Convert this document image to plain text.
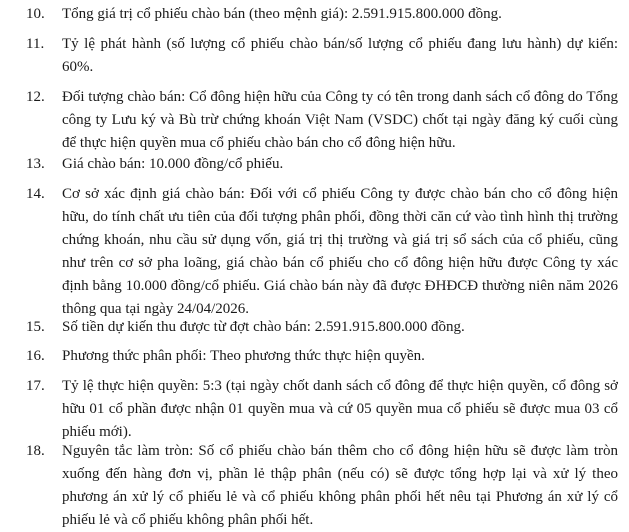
10.	Tổng giá trị cổ phiếu chào bán (theo mệnh giá): 2.591.915.800.000 đồng.
11.	Tỷ lệ phát hành (số lượng cổ phiếu chào bán/số lượng cổ phiếu đang lưu hành) dự kiến:
60%.
12.	Đối tượng chào bán: Cổ đông hiện hữu của Công ty có tên trong danh sách cổ đông do Tổng
công ty Lưu ký và Bù trừ chứng khoán Việt Nam (VSDC) chốt tại ngày đăng ký cuối cùng
để thực hiện quyền mua cổ phiếu chào bán cho cổ đông hiện hữu.
13.	Giá chào bán: 10.000 đồng/cổ phiếu.
14.	Cơ sở xác định giá chào bán: Đối với cổ phiếu Công ty được chào bán cho cổ đông hiện
hữu, do tính chất ưu tiên của đối tượng phân phối, đồng thời căn cứ vào tình hình thị trường
chứng khoán, nhu cầu sử dụng vốn, giá trị thị trường và giá trị sổ sách của cổ phiếu, cũng
như trên cơ sở pha loãng, giá chào bán cổ phiếu cho cổ đông hiện hữu được Công ty xác
định bằng 10.000 đồng/cổ phiếu. Giá chào bán này đã được ĐHĐCĐ thường niên năm 2026
thông qua tại ngày 24/04/2026.
15.	Số tiền dự kiến thu được từ đợt chào bán: 2.591.915.800.000 đồng.
16.	Phương thức phân phối: Theo phương thức thực hiện quyền.
17.	Tỷ lệ thực hiện quyền: 5:3 (tại ngày chốt danh sách cổ đông để thực hiện quyền, cổ đông sở
hữu 01 cổ phần được nhận 01 quyền mua và cứ 05 quyền mua cổ phiếu sẽ được mua 03 cổ
phiếu mới).
18.	Nguyên tắc làm tròn: Số cổ phiếu chào bán thêm cho cổ đông hiện hữu sẽ được làm tròn
xuống đến hàng đơn vị, phần lẻ thập phân (nếu có) sẽ được tổng hợp lại và xử lý theo
phương án xử lý cổ phiếu lẻ và cổ phiếu không phân phối hết nêu tại Phương án xử lý cổ
phiếu lẻ và cổ phiếu không phân phối hết.
